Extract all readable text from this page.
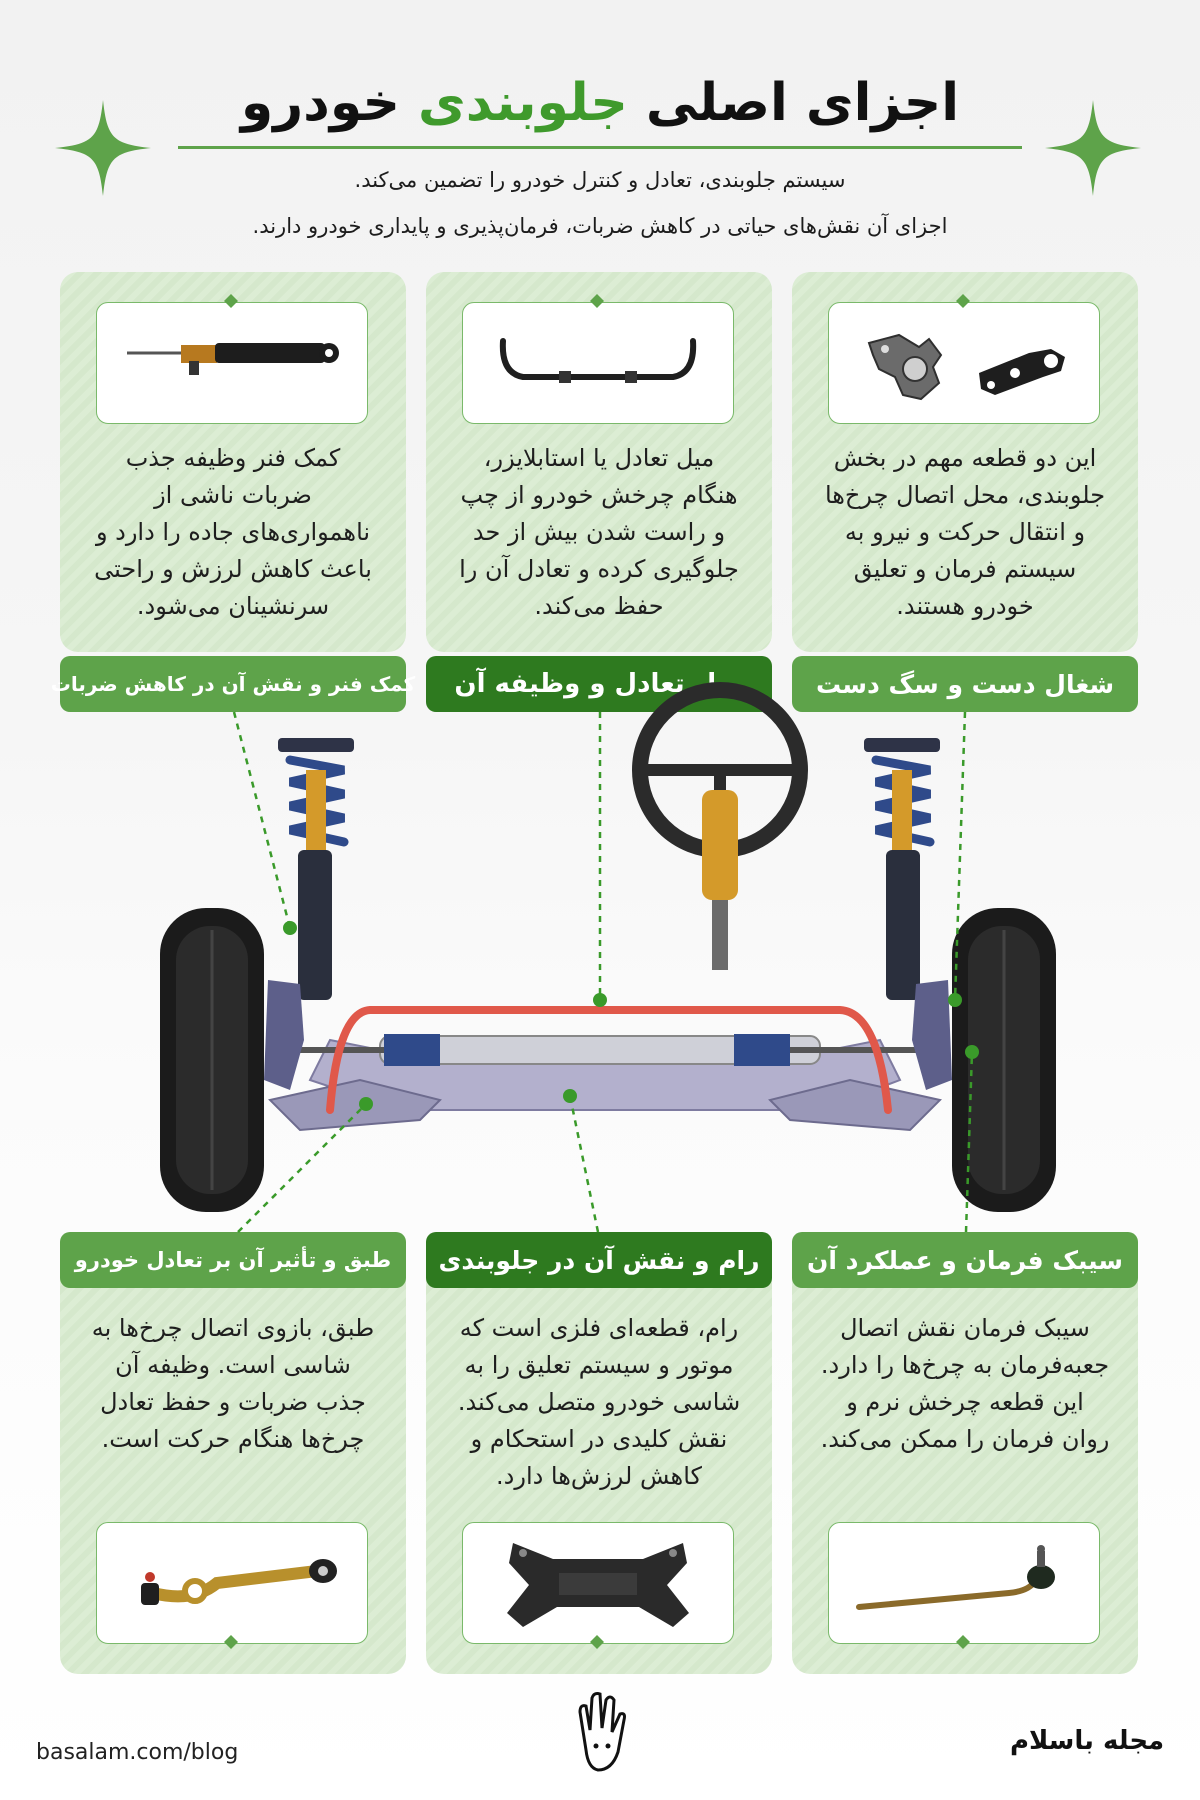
اجزای اصلی جلوبندی خودرو
سیستم جلوبندی، تعادل و کنترل خودرو را تضمین می‌کند.
اجزای آن نقش‌های حیاتی در کاهش ضربات، فرمان‌پذیری و پایداری خودرو دارند.
این دو قطعه مهم در بخش جلوبندی، محل اتصال چرخ‌ها و انتقال حرکت و نیرو به سیستم فرمان و تعلیق خودرو هستند.
شغال دست و سگ دست
میل تعادل یا استابلایزر، هنگام چرخش خودرو از چپ و راست شدن بیش از حد جلوگیری کرده و تعادل آن را حفظ می‌کند.
میل تعادل و وظیفه آن
کمک فنر وظیفه جذب ضربات ناشی از ناهمواری‌های جاده را دارد و باعث کاهش لرزش و راحتی سرنشینان می‌شود.
کمک فنر و نقش آن در کاهش ضربات
سیبک فرمان و عملکرد آن
سیبک فرمان نقش اتصال جعبه‌فرمان به چرخ‌ها را دارد. این قطعه چرخش نرم و روان فرمان را ممکن می‌کند.
رام و نقش آن در جلوبندی
رام، قطعه‌ای فلزی است که موتور و سیستم تعلیق را به شاسی خودرو متصل می‌کند. نقش کلیدی در استحکام و کاهش لرزش‌ها دارد.
طبق و تأثیر آن بر تعادل خودرو
طبق، بازوی اتصال چرخ‌ها به شاسی است. وظیفه آن جذب ضربات و حفظ تعادل چرخ‌ها هنگام حرکت است.
basalam.com/blog	مجله باسلام
